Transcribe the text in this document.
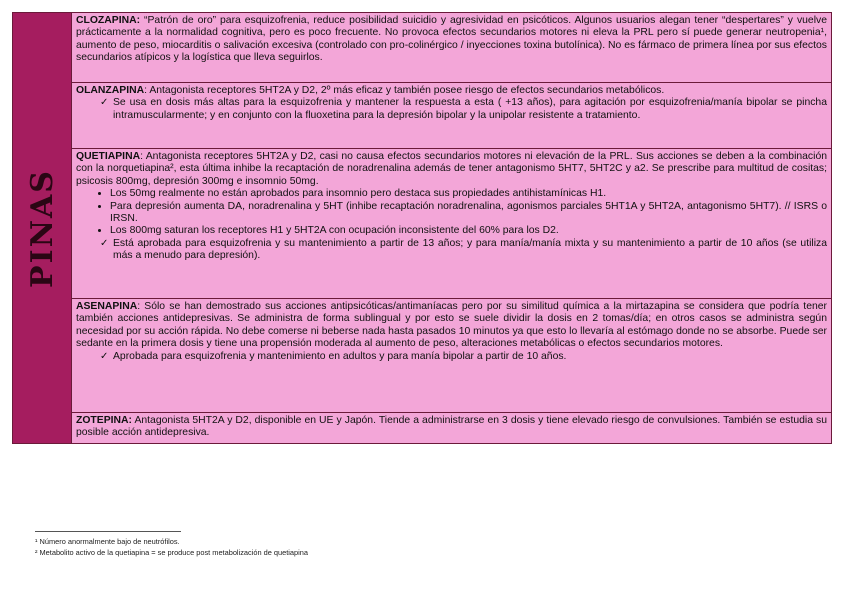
PINAS

CLOZAPINA: “Patrón de oro” para esquizofrenia, reduce posibilidad suicidio y agresividad en psicóticos. Algunos usuarios alegan tener “despertares” y vuelve prácticamente a la normalidad cognitiva, pero es poco frecuente. No provoca efectos secundarios motores ni eleva la PRL pero sí puede generar neutropenia¹, aumento de peso, miocarditis o salivación excesiva (controlado con pro-colinérgico / inyecciones toxina butolínica). No es fármaco de primera línea por sus efectos secundarios atípicos y la logística que lleva seguirlos.

OLANZAPINA: Antagonista receptores 5HT2A y D2, 2º más eficaz y también posee riesgo de efectos secundarios metabólicos.

✓ Se usa en dosis más altas para la esquizofrenia y mantener la respuesta a esta ( +13 años), para agitación por esquizofrenia/manía bipolar se pincha intramuscularmente; y en conjunto con la fluoxetina para la depresión bipolar y la unipolar resistente a tratamiento.

QUETIAPINA: Antagonista receptores 5HT2A y D2, casi no causa efectos secundarios motores ni elevación de la PRL. Sus acciones se deben a la combinación con la norquetiapina², esta última inhibe la recaptación de noradrenalina además de tener antagonismo 5HT7, 5HT2C y a2. Se prescribe para multitud de cositas; psicosis 800mg, depresión 300mg e insomnio 50mg.

• Los 50mg realmente no están aprobados para insomnio pero destaca sus propiedades antihistamínicas H1.
• Para depresión aumenta DA, noradrenalina y 5HT (inhibe recaptación noradrenalina, agonismos parciales 5HT1A y 5HT2A, antagonismo 5HT7). // ISRS o IRSN.
• Los 800mg saturan los receptores H1 y 5HT2A con ocupación inconsistente del 60% para los D2.
✓ Está aprobada para esquizofrenia y su mantenimiento a partir de 13 años; y para manía/manía mixta y su mantenimiento a partir de 10 años (se utiliza más a menudo para depresión).

ASENAPINA: Sólo se han demostrado sus acciones antipsicóticas/antimaníacas pero por su similitud química a la mirtazapina se considera que podría tener también acciones antidepresivas. Se administra de forma sublingual y por esto se suele dividir la dosis en 2 tomas/día; en otros casos se administra según necesidad por su acción rápida. No debe comerse ni beberse nada hasta pasados 10 minutos ya que esto lo llevaría al estómago donde no se absorbe. Puede ser sedante en la primera dosis y tiene una propensión moderada al aumento de peso, alteraciones metabólicas o efectos secundarios motores.

✓ Aprobada para esquizofrenia y mantenimiento en adultos y para manía bipolar a partir de 10 años.

ZOTEPINA: Antagonista 5HT2A y D2, disponible en UE y Japón. Tiende a administrarse en 3 dosis y tiene elevado riesgo de convulsiones. También se estudia su posible acción antidepresiva.

¹ Número anormalmente bajo de neutrófilos.
² Metabolito activo de la quetiapina = se produce post metabolización de quetiapina
